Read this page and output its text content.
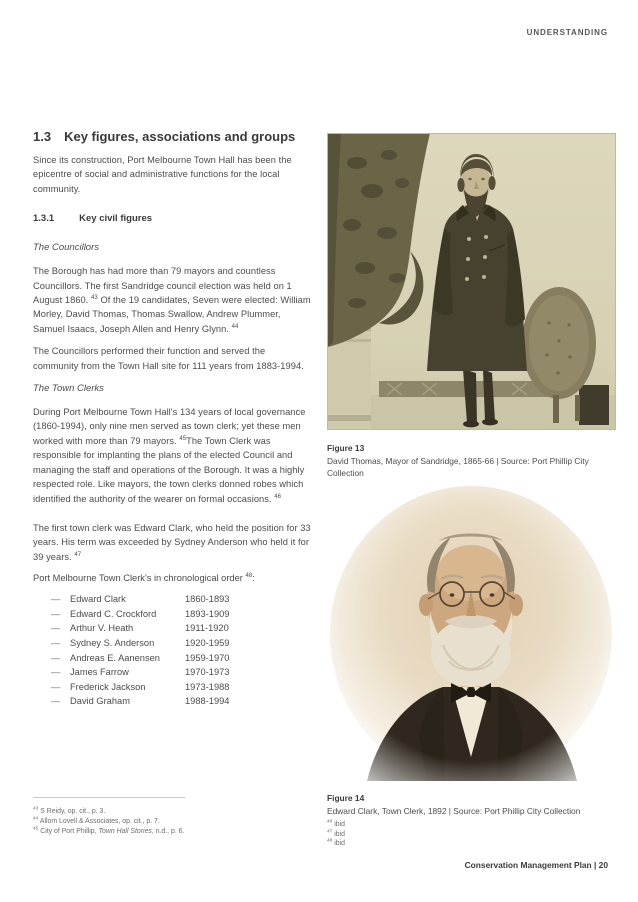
UNDERSTANDING
1.3 Key figures, associations and groups

Since its construction, Port Melbourne Town Hall has been the epicentre of social and administrative functions for the local community.

1.3.1	Key civil figures
The Councillors

The Borough has had more than 79 mayors and countless Councillors. The first Sandridge council election was held on 1 August 1860. $^{43}$ Of the 19 candidates, Seven were elected: William Morley, David Thomas, Thomas Swallow, Andrew Plummer, Samuel Isaacs, Joseph Allen and Henry Glynn. $^{44}$

The Councillors performed their function and served the community from the Town Hall site for 111 years from 1883-1994.

The Town Clerks

During Port Melbourne Town Hall's 134 years of local governance (1860-1994), only nine men served as town clerk; yet these men worked with more than 79 mayors. $^{45}$The Town Clerk was responsible for implanting the plans of the elected Council and managing the staff and operations of the Borough. It was a highly respected role. Like mayors, the town clerks donned robes which identified the authority of the wearer on formal occasions. $^{46}$

The first town clerk was Edward Clark, who held the position for 33 years. His term was exceeded by Sydney Anderson who held it for 39 years. $^{47}$

Port Melbourne Town Clerk's in chronological order $^{48}$:

—	Edward Clark	1860-1893
—	Edward C. Crockford	1893-1909
—	Arthur V. Heath	1911-1920
—	Sydney S. Anderson	1920-1959
—	Andreas E. Aanensen	1959-1970
—	James Farrow	1970-1973
—	Frederick Jackson	1973-1988
—	David Graham	1988-1994
$^{43}$ S Reidy, op. cit., p. 3.
$^{44}$ Allom Lovell & Associates, op. cit., p. 7.
$^{45}$ City of Port Phillip, Town Hall Stories, n.d., p. 6.
Figure 13
David Thomas, Mayor of Sandridge, 1865-66 | Source: Port Phillip City Collection
Figure 14
Edward Clark, Town Clerk, 1892 | Source: Port Phillip City Collection
$^{46}$ ibid
$^{47}$ ibid
$^{48}$ ibid
Conservation Management Plan | 20
